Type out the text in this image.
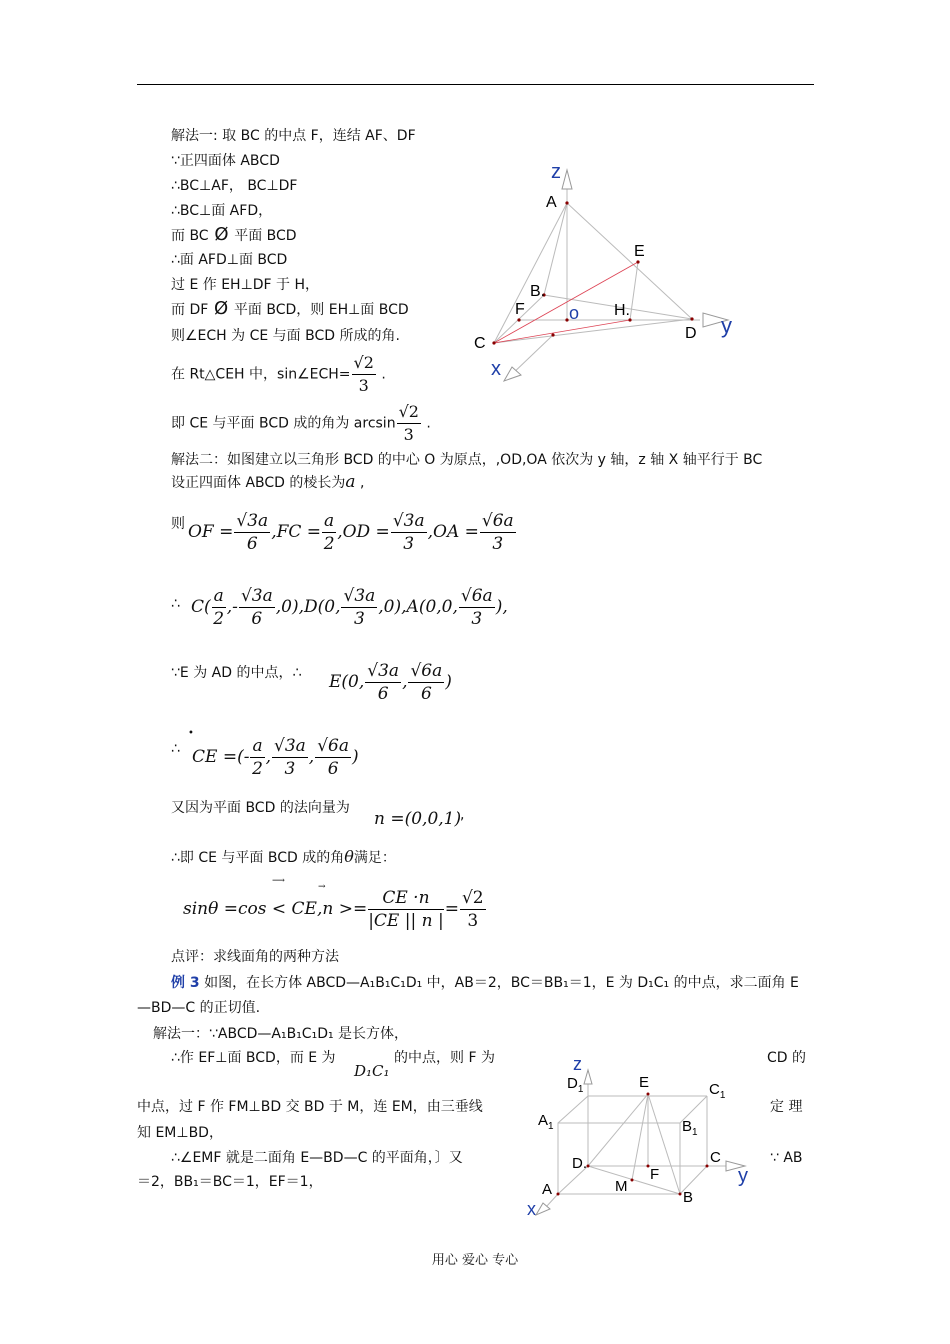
解法一: 取 BC 的中点 F，连结 AF、DF
∵正四面体 ABCD
∴BC⊥AF， BC⊥DF
∴BC⊥面 AFD，
而 BC Ø 平面 BCD
∴面 AFD⊥面 BCD
过 E 作 EH⊥DF 于 H，
而 DF Ø 平面 BCD，则 EH⊥面 BCD
则∠ECH 为 CE 与面 BCD 所成的角.
在 Rt△CEH 中，sin∠ECH= $\frac{√2}{3}$ .
即 CE 与平面 BCD 成的角为 $\arcsin \frac{√2}{3}$ .
解法二：如图建立以三角形 BCD 的中心 O 为原点，,OD,OA 依次为 y 轴，z 轴 X 轴平行于 BC
设正四面体 ABCD 的棱长为a ,
则 OF = $\frac{√3a}{6} ,FC = \frac{a}{2} ,OD = \frac{√3a}{3} ,OA = \frac{√6a}{3}$
∴ $C( \frac{a}{2}$ ,- $\frac{√3a}{6} ,0),D(0$, $\frac{√3a}{3} ,0),A(0,0$, $\frac{√6a}{3}$ ),
∵E 为 AD 的中点，∴ E(0, $\frac{√3a}{6}$ , $\frac{√6a}{6}$ )
∴
•
CE =(- $\frac{a}{2}$ , $\frac{√3a}{3}$ , $\frac{√6a}{6}$ )
又因为平面 BCD 的法向量为
n =(0,0,1)
,
∴即 CE 与平面 BCD 成的角θ满足：
⟶
→
$\sin\theta =\cos < CE,n >= \frac{CE \cdot n}{|CE || n |} = \frac{√2}{3}$
点评：求线面角的两种方法
例 3 如图，在长方体 ABCD—A₁B₁C₁D₁ 中，AB＝2，BC＝BB₁＝1，E 为 D₁C₁ 的中点，求二面角 E
—BD—C 的正切值.
解法一：∵ABCD—A₁B₁C₁D₁ 是长方体，
∴作 EF⊥面 BCD，而 E 为
D₁C₁
的中点，则 F 为	CD 的
中点，过 F 作 FM⊥BD 交 BD 于 M，连 EM，由三垂线	定 理
知 EM⊥BD，
∴∠EMF 就是二面角 E—BD—C 的平面角，〕又	∵ AB
＝2，BB₁＝BC＝1，EF＝1，
z
y
x
A
E
B.
F o H.
C
D
z
y
x
$D_1$	E	$C_1$
$A_1$	$B_1$
D.	C
F
M
A	B
用心 爱心 专心
